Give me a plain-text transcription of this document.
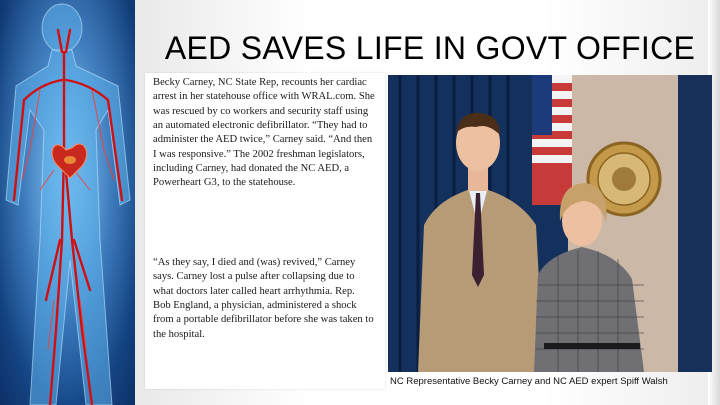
AED SAVES LIFE IN GOVT OFFICE

Becky Carney, NC State Rep, recounts her cardiac arrest in her statehouse office with WRAL.com. She was rescued by co workers and security staff using an automated electronic defibrillator. “They had to administer the AED twice,” Carney said. “And then I was responsive.” The 2002 freshman legislators, including Carney, had donated the NC AED, a Powerheart G3, to the statehouse.

“As they say, I died and (was) revived,” Carney says. Carney lost a pulse after collapsing due to what doctors later called heart arrhythmia. Rep. Bob England, a physician, administered a shock from a portable defibrillator before she was taken to the hospital.

NC Representative Becky Carney and NC AED expert Spiff Walsh
